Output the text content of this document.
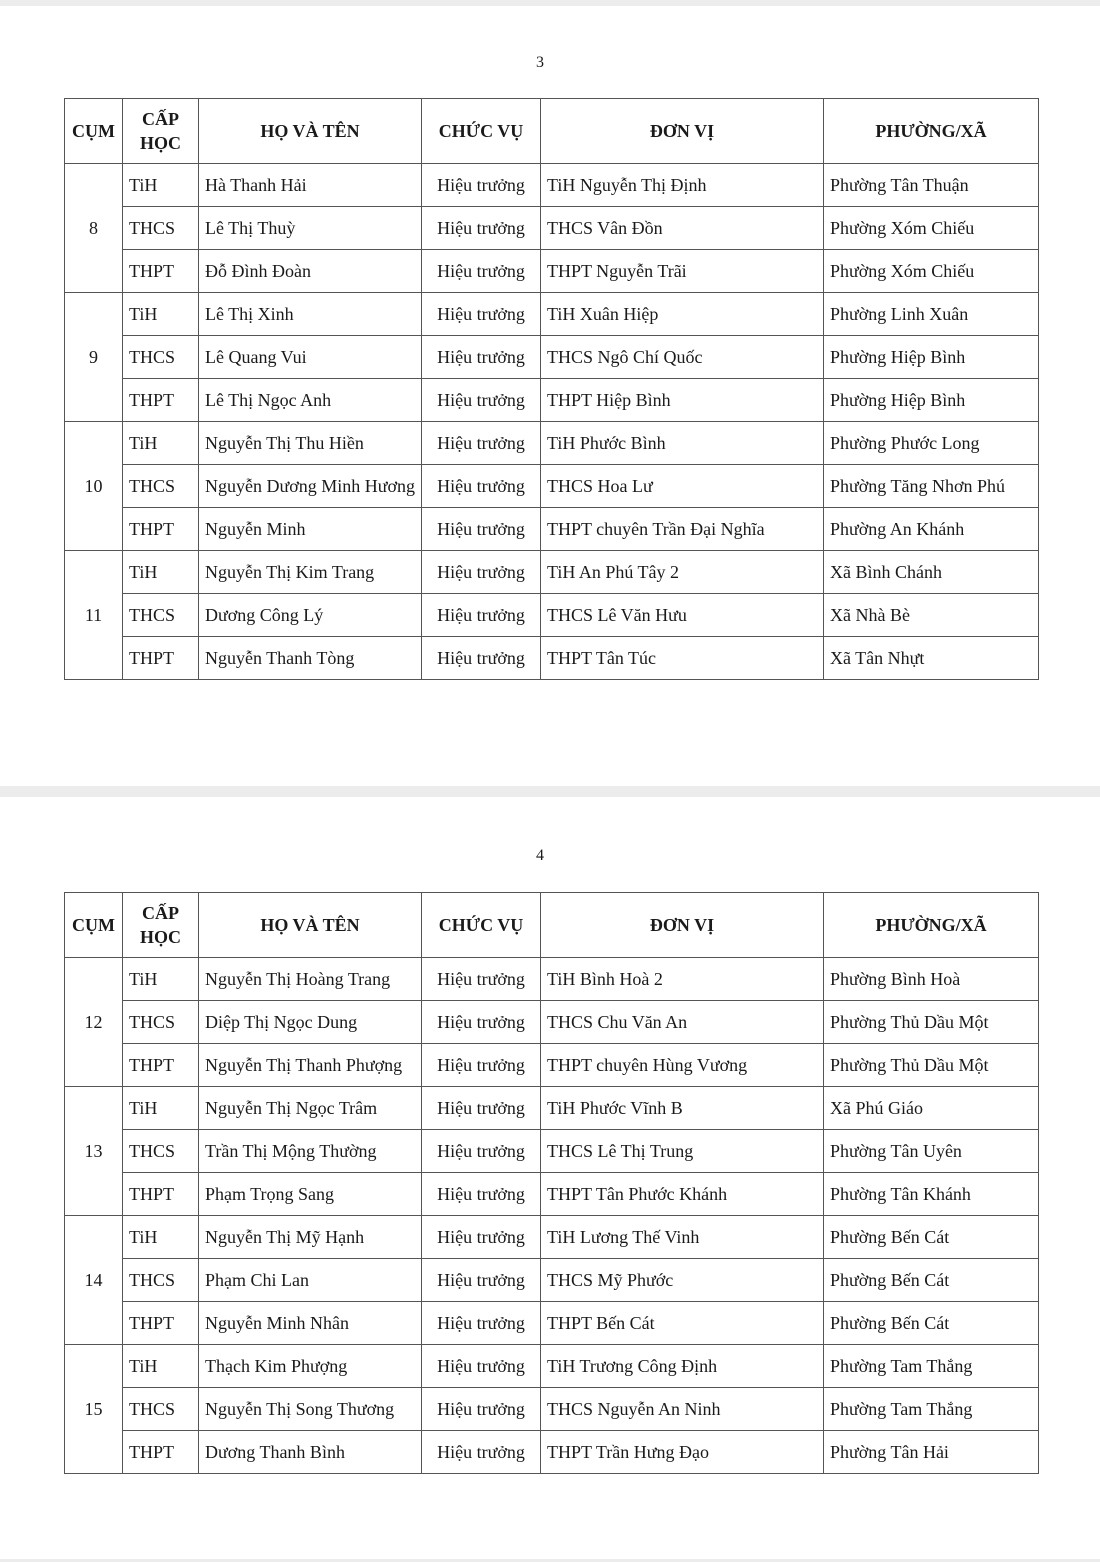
3
CỤM	CẤP HỌC	HỌ VÀ TÊN	CHỨC VỤ	ĐƠN VỊ	PHƯỜNG/XÃ
8	TiH	Hà Thanh Hải	Hiệu trưởng	TiH Nguyễn Thị Định	Phường Tân Thuận
	THCS	Lê Thị Thuỳ	Hiệu trưởng	THCS Vân Đồn	Phường Xóm Chiếu
	THPT	Đỗ Đình Đoàn	Hiệu trưởng	THPT Nguyễn Trãi	Phường Xóm Chiếu
9	TiH	Lê Thị Xinh	Hiệu trưởng	TiH Xuân Hiệp	Phường Linh Xuân
	THCS	Lê Quang Vui	Hiệu trưởng	THCS Ngô Chí Quốc	Phường Hiệp Bình
	THPT	Lê Thị Ngọc Anh	Hiệu trưởng	THPT Hiệp Bình	Phường Hiệp Bình
10	TiH	Nguyễn Thị Thu Hiền	Hiệu trưởng	TiH Phước Bình	Phường Phước Long
	THCS	Nguyễn Dương Minh Hương	Hiệu trưởng	THCS Hoa Lư	Phường Tăng Nhơn Phú
	THPT	Nguyễn Minh	Hiệu trưởng	THPT chuyên Trần Đại Nghĩa	Phường An Khánh
11	TiH	Nguyễn Thị Kim Trang	Hiệu trưởng	TiH An Phú Tây 2	Xã Bình Chánh
	THCS	Dương Công Lý	Hiệu trưởng	THCS Lê Văn Hưu	Xã Nhà Bè
	THPT	Nguyễn Thanh Tòng	Hiệu trưởng	THPT Tân Túc	Xã Tân Nhựt
4
CỤM	CẤP HỌC	HỌ VÀ TÊN	CHỨC VỤ	ĐƠN VỊ	PHƯỜNG/XÃ
12	TiH	Nguyễn Thị Hoàng Trang	Hiệu trưởng	TiH Bình Hoà 2	Phường Bình Hoà
	THCS	Diệp Thị Ngọc Dung	Hiệu trưởng	THCS Chu Văn An	Phường Thủ Dầu Một
	THPT	Nguyễn Thị Thanh Phượng	Hiệu trưởng	THPT chuyên Hùng Vương	Phường Thủ Dầu Một
13	TiH	Nguyễn Thị Ngọc Trâm	Hiệu trưởng	TiH Phước Vĩnh B	Xã Phú Giáo
	THCS	Trần Thị Mộng Thường	Hiệu trưởng	THCS Lê Thị Trung	Phường Tân Uyên
	THPT	Phạm Trọng Sang	Hiệu trưởng	THPT Tân Phước Khánh	Phường Tân Khánh
14	TiH	Nguyễn Thị Mỹ Hạnh	Hiệu trưởng	TiH Lương Thế Vinh	Phường Bến Cát
	THCS	Phạm Chi Lan	Hiệu trưởng	THCS Mỹ Phước	Phường Bến Cát
	THPT	Nguyễn Minh Nhân	Hiệu trưởng	THPT Bến Cát	Phường Bến Cát
15	TiH	Thạch Kim Phượng	Hiệu trưởng	TiH Trương Công Định	Phường Tam Thắng
	THCS	Nguyễn Thị Song Thương	Hiệu trưởng	THCS Nguyễn An Ninh	Phường Tam Thắng
	THPT	Dương Thanh Bình	Hiệu trưởng	THPT Trần Hưng Đạo	Phường Tân Hải
